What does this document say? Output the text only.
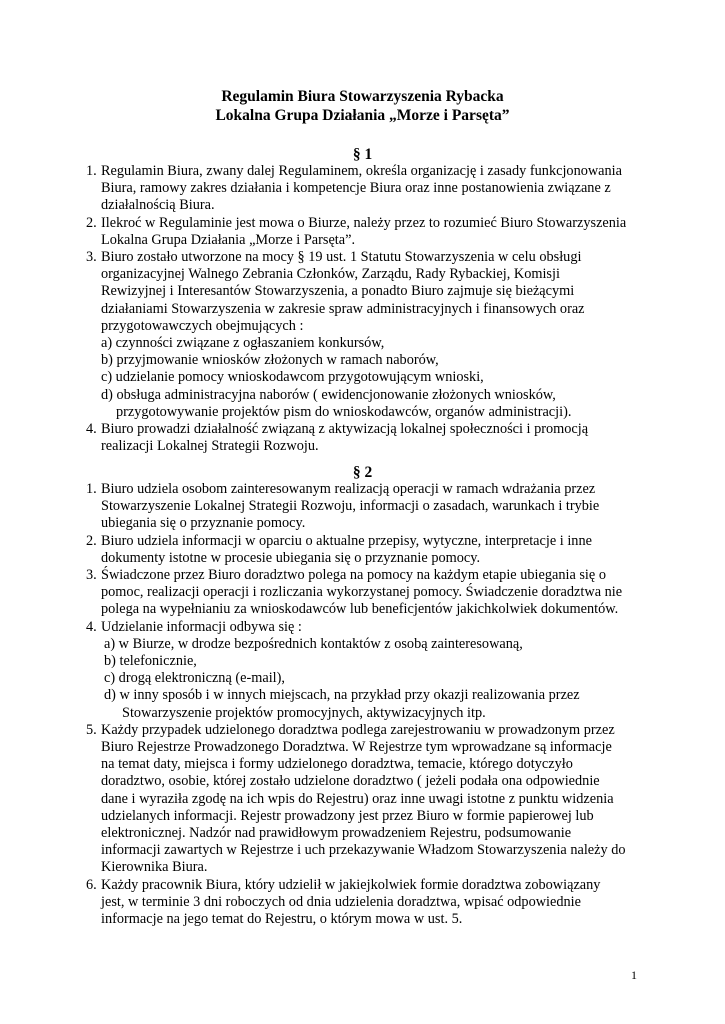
Regulamin Biura Stowarzyszenia Rybacka
Lokalna Grupa Działania „Morze i Parsęta”
§ 1
1. Regulamin Biura, zwany dalej Regulaminem, określa organizację i zasady funkcjonowania
Biura, ramowy zakres działania i kompetencje Biura oraz inne postanowienia związane z
działalnością Biura.
2. Ilekroć w Regulaminie jest mowa o Biurze, należy przez to rozumieć Biuro Stowarzyszenia
Lokalna Grupa Działania „Morze i Parsęta”.
3. Biuro zostało utworzone na mocy § 19 ust. 1 Statutu Stowarzyszenia w celu obsługi
organizacyjnej Walnego Zebrania Członków, Zarządu, Rady Rybackiej, Komisji
Rewizyjnej i Interesantów Stowarzyszenia, a ponadto Biuro zajmuje się bieżącymi
działaniami Stowarzyszenia w zakresie spraw administracyjnych i finansowych oraz
przygotowawczych obejmujących :
a) czynności związane z ogłaszaniem konkursów,
b) przyjmowanie wniosków złożonych w ramach naborów,
c) udzielanie pomocy wnioskodawcom przygotowującym wnioski,
d) obsługa administracyjna naborów ( ewidencjonowanie złożonych wniosków,
przygotowywanie projektów pism do wnioskodawców, organów administracji).
4. Biuro prowadzi działalność związaną z aktywizacją lokalnej społeczności i promocją
realizacji Lokalnej Strategii Rozwoju.
§ 2
1. Biuro udziela osobom zainteresowanym realizacją operacji w ramach wdrażania przez
Stowarzyszenie Lokalnej Strategii Rozwoju, informacji o zasadach, warunkach i trybie
ubiegania się o przyznanie pomocy.
2. Biuro udziela informacji w oparciu o aktualne przepisy, wytyczne, interpretacje i inne
dokumenty istotne w procesie ubiegania się o przyznanie pomocy.
3. Świadczone przez Biuro doradztwo polega na pomocy na każdym etapie ubiegania się o
pomoc, realizacji operacji i rozliczania wykorzystanej pomocy. Świadczenie doradztwa nie
polega na wypełnianiu za wnioskodawców lub beneficjentów jakichkolwiek dokumentów.
4. Udzielanie informacji odbywa się :
a) w Biurze, w drodze bezpośrednich kontaktów z osobą zainteresowaną,
b) telefonicznie,
c) drogą elektroniczną (e-mail),
d) w inny sposób i w innych miejscach, na przykład przy okazji realizowania przez
Stowarzyszenie projektów promocyjnych, aktywizacyjnych itp.
5. Każdy przypadek udzielonego doradztwa podlega zarejestrowaniu w prowadzonym przez
Biuro Rejestrze Prowadzonego Doradztwa. W Rejestrze tym wprowadzane są informacje
na temat daty, miejsca i formy udzielonego doradztwa, temacie, którego dotyczyło
doradztwo, osobie, której zostało udzielone doradztwo ( jeżeli podała ona odpowiednie
dane i wyraziła zgodę na ich wpis do Rejestru) oraz inne uwagi istotne z punktu widzenia
udzielanych informacji. Rejestr prowadzony jest przez Biuro w formie papierowej lub
elektronicznej. Nadzór nad prawidłowym prowadzeniem Rejestru, podsumowanie
informacji zawartych w Rejestrze i uch przekazywanie Władzom Stowarzyszenia należy do
Kierownika Biura.
6. Każdy pracownik Biura, który udzielił w jakiejkolwiek formie doradztwa zobowiązany
jest, w terminie 3 dni roboczych od dnia udzielenia doradztwa, wpisać odpowiednie
informacje na jego temat do Rejestru, o którym mowa w ust. 5.
1
